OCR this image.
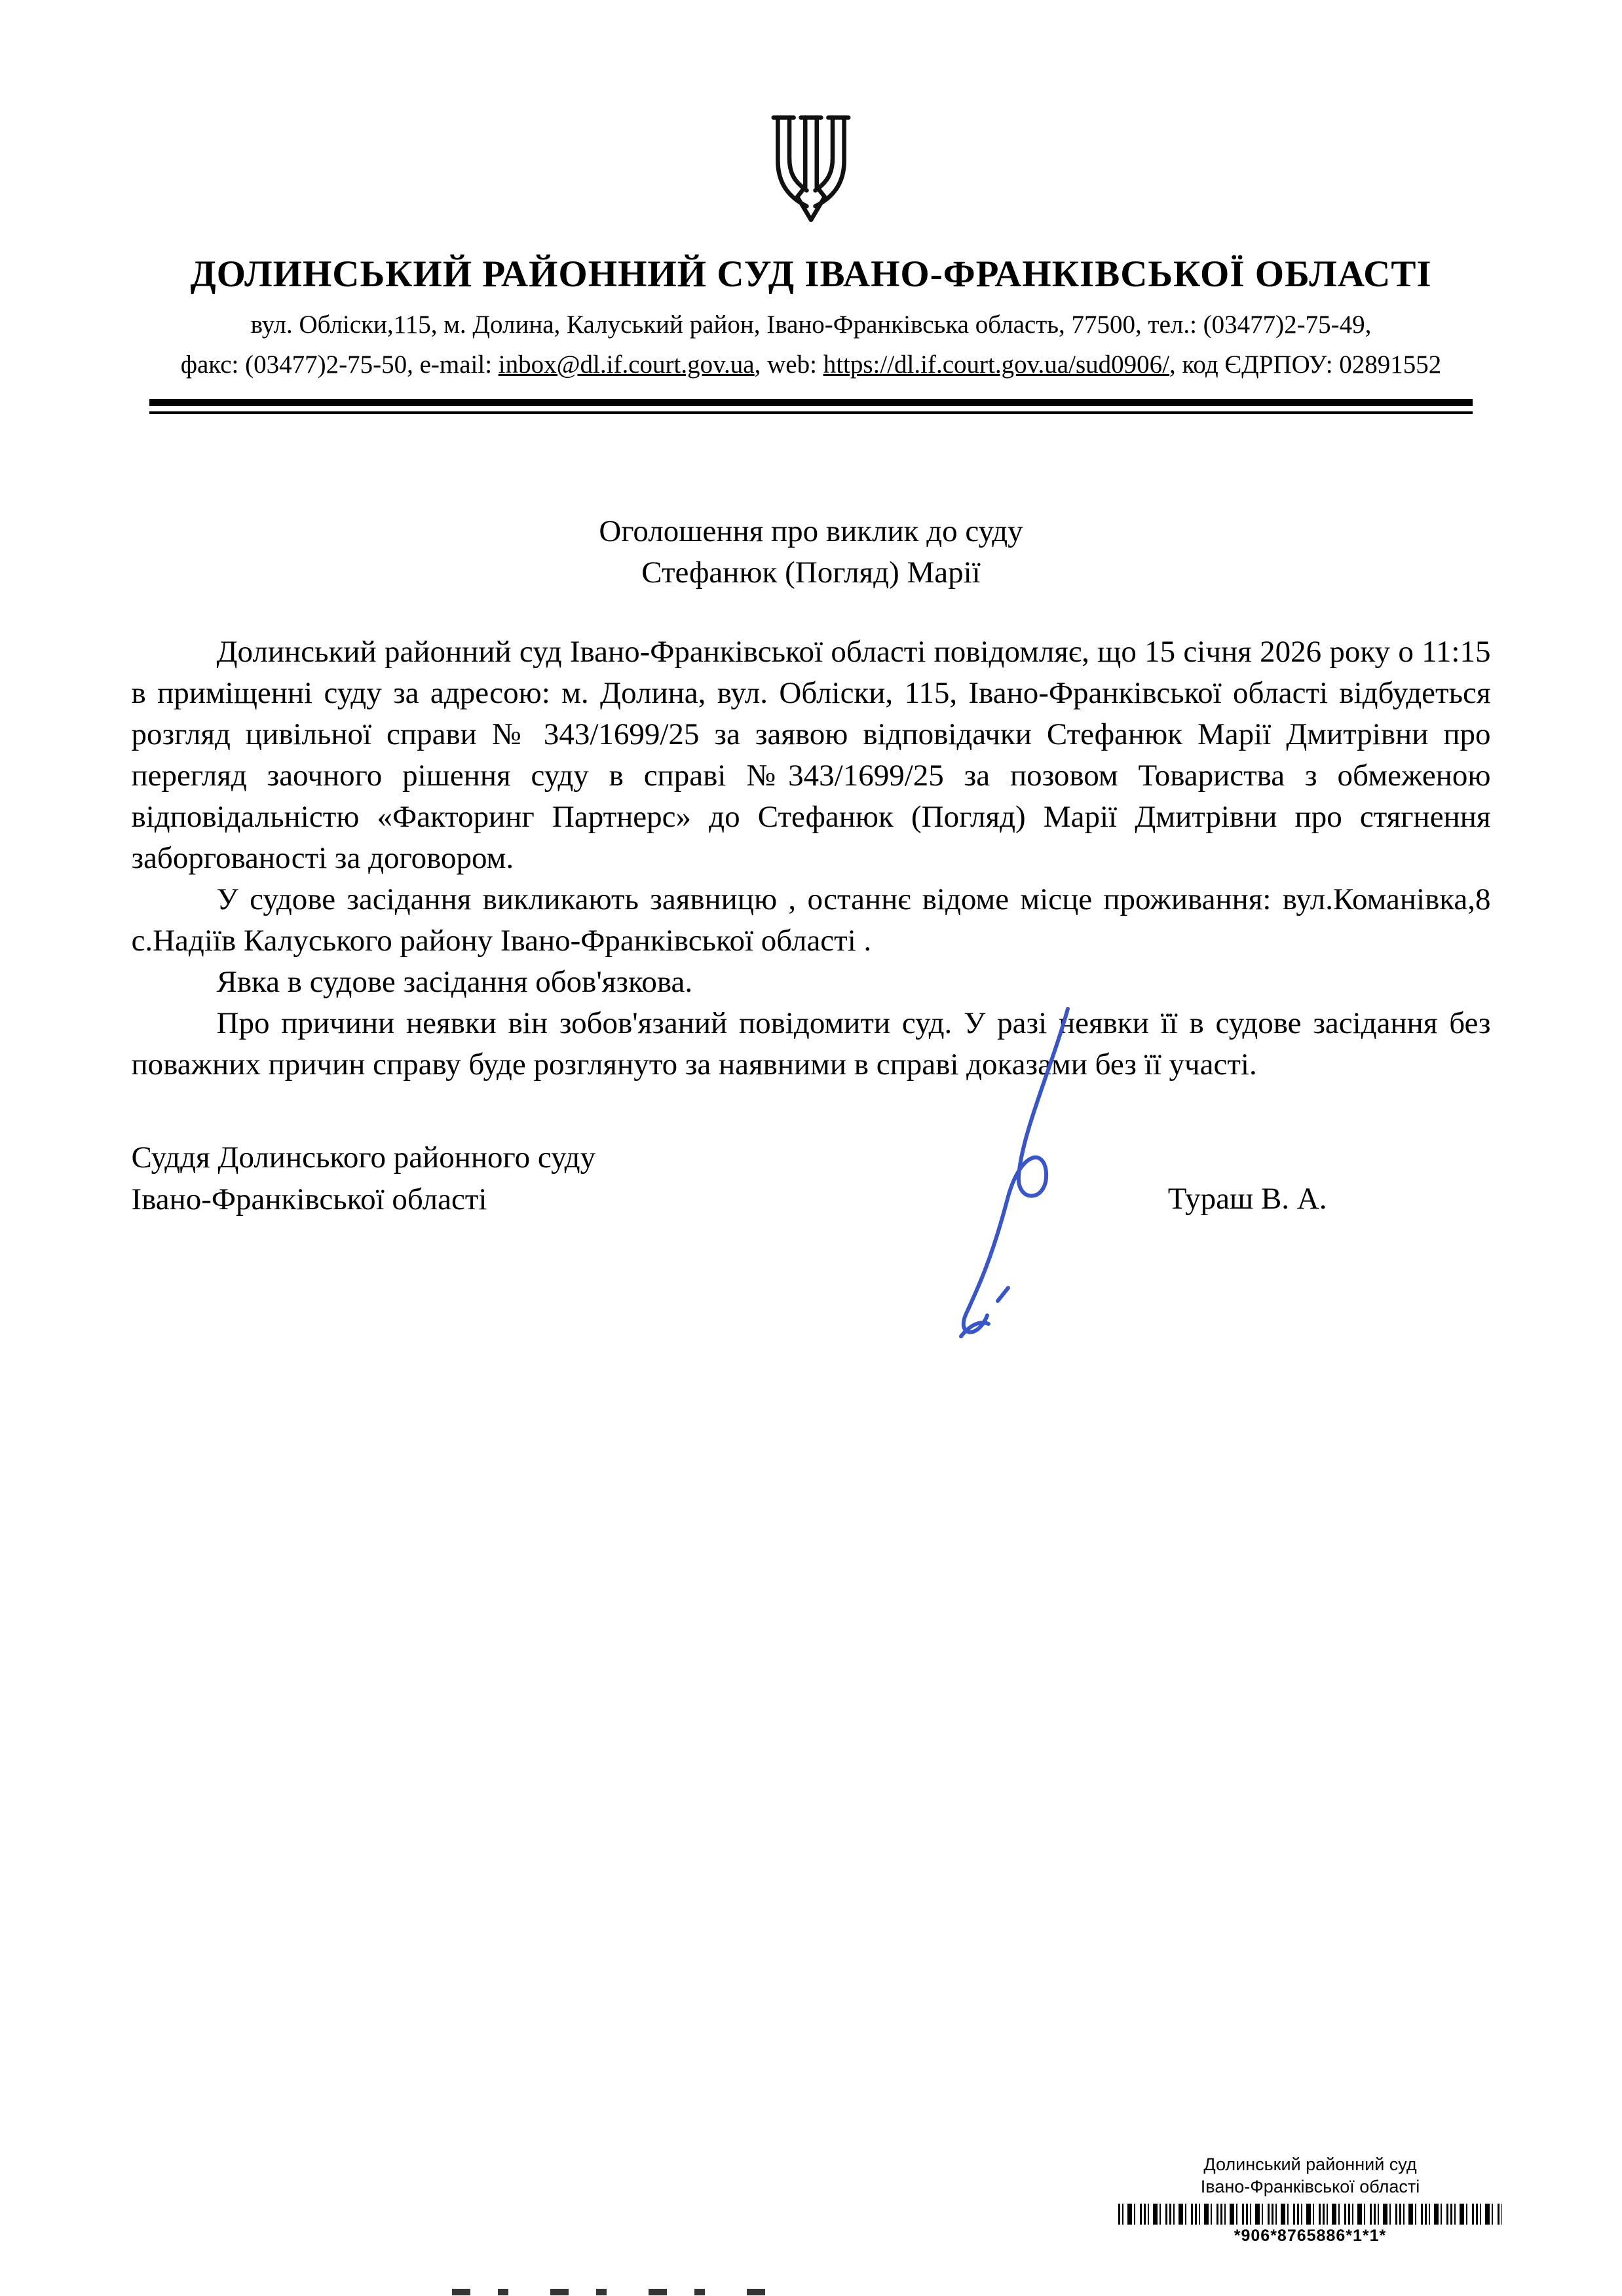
ДОЛИНСЬКИЙ РАЙОННИЙ СУД ІВАНО-ФРАНКІВСЬКОЇ ОБЛАСТІ
вул. Обліски,115, м. Долина, Калуський район, Івано-Франківська область, 77500, тел.: (03477)2-75-49,
факс: (03477)2-75-50, e-mail: inbox@dl.if.court.gov.ua, web: https://dl.if.court.gov.ua/sud0906/, код ЄДРПОУ: 02891552

Оголошення про виклик до суду

Стефанюк (Погляд) Марії

Долинський районний суд Івано-Франківської області повідомляє, що 15 січня 2026 року о 11:15 в приміщенні суду за адресою: м. Долина, вул. Обліски, 115, Івано-Франківської області відбудеться розгляд цивільної справи № 343/1699/25 за заявою відповідачки Стефанюк Марії Дмитрівни про перегляд заочного рішення суду в справі №343/1699/25 за позовом Товариства з обмеженою відповідальністю «Факторинг Партнерс» до Стефанюк (Погляд) Марії Дмитрівни про стягнення заборгованості за договором.

У судове засідання викликають заявницю , останнє відоме місце проживання: вул.Команівка,8 с.Надіїв Калуського району Івано-Франківської області .

Явка в судове засідання обов'язкова.

Про причини неявки він зобов'язаний повідомити суд. У разі неявки її в судове засідання без поважних причин справу буде розглянуто за наявними в справі доказами без її участі.

Суддя Долинського районного суду

Івано-Франківської області	Тураш В. А.

Долинський районний суд

Івано-Франківської області

*906*8765886*1*1*
